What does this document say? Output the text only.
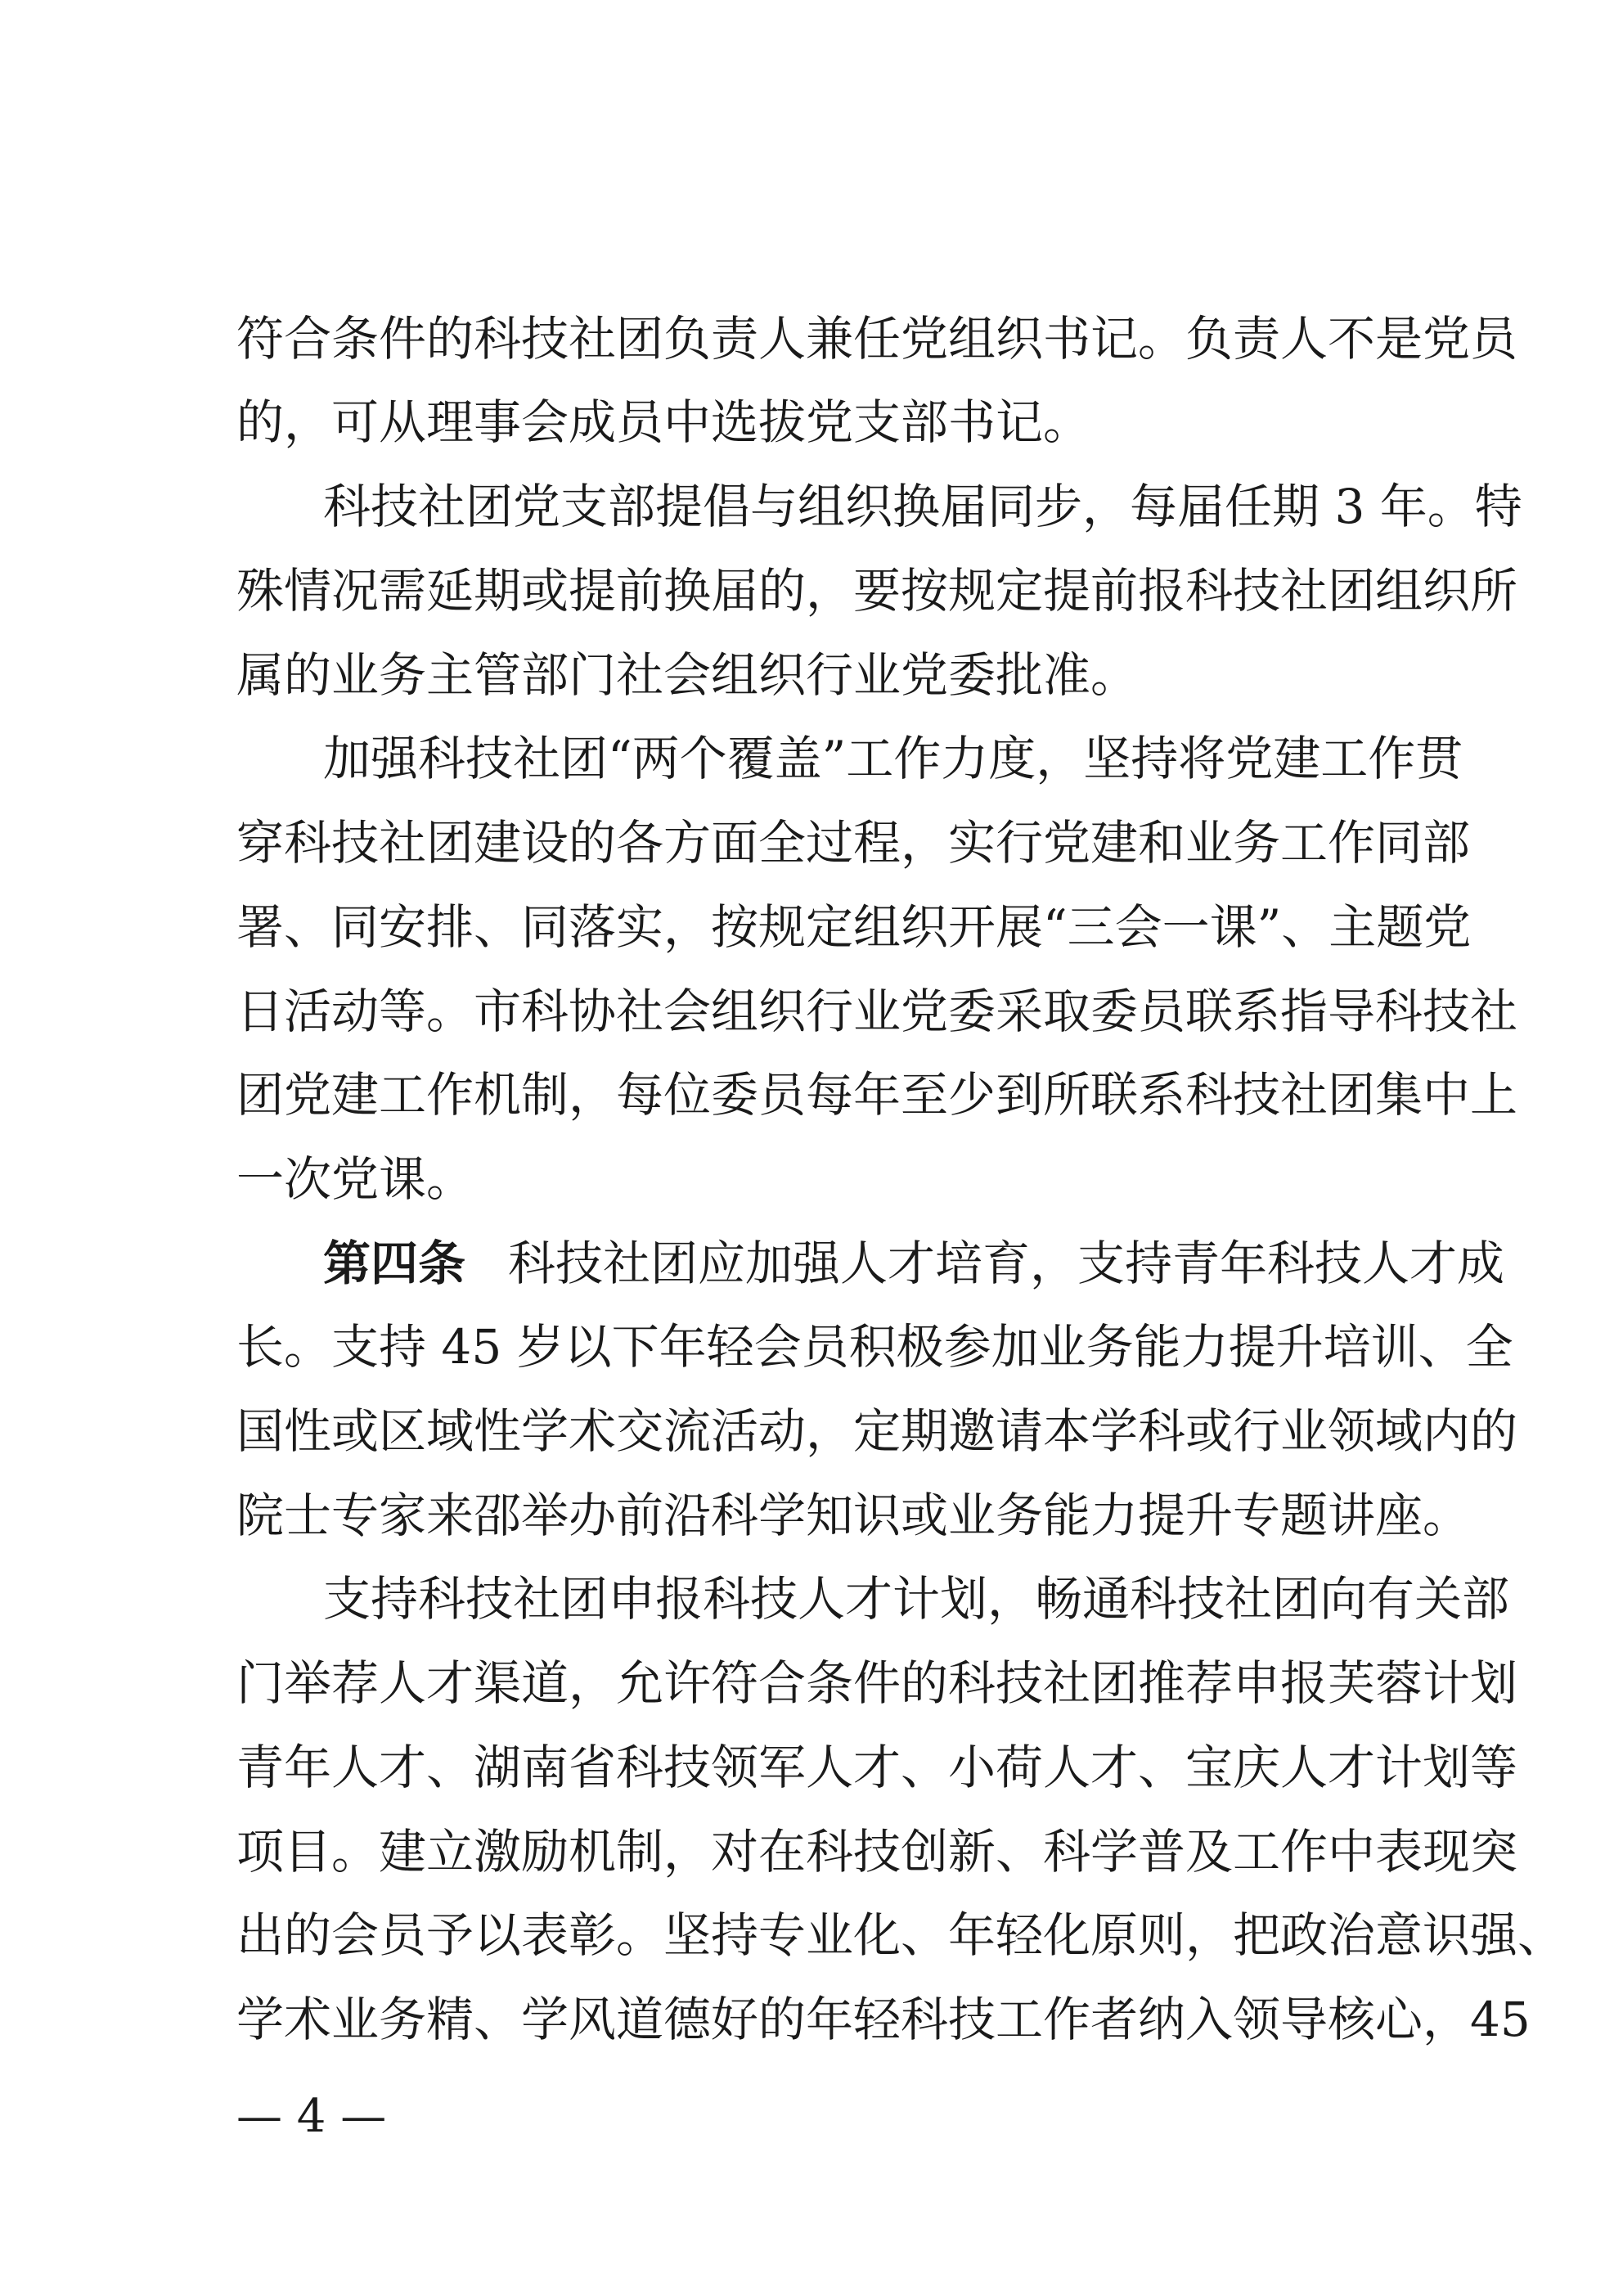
符合条件的科技社团负责人兼任党组织书记。负责人不是党员
的，可从理事会成员中选拔党支部书记。
科技社团党支部提倡与组织换届同步，每届任期 3 年。特
殊情况需延期或提前换届的，要按规定提前报科技社团组织所
属的业务主管部门社会组织行业党委批准。
加强科技社团“两个覆盖”工作力度，坚持将党建工作贯
穿科技社团建设的各方面全过程，实行党建和业务工作同部
署、同安排、同落实，按规定组织开展“三会一课”、主题党
日活动等。市科协社会组织行业党委采取委员联系指导科技社
团党建工作机制，每位委员每年至少到所联系科技社团集中上
一次党课。
第四条 科技社团应加强人才培育，支持青年科技人才成
长。支持 45 岁以下年轻会员积极参加业务能力提升培训、全
国性或区域性学术交流活动，定期邀请本学科或行业领域内的
院士专家来邵举办前沿科学知识或业务能力提升专题讲座。
支持科技社团申报科技人才计划，畅通科技社团向有关部
门举荐人才渠道，允许符合条件的科技社团推荐申报芙蓉计划
青年人才、湖南省科技领军人才、小荷人才、宝庆人才计划等
项目。建立激励机制，对在科技创新、科学普及工作中表现突
出的会员予以表彰。坚持专业化、年轻化原则，把政治意识强、
学术业务精、学风道德好的年轻科技工作者纳入领导核心，45
— 4 —
